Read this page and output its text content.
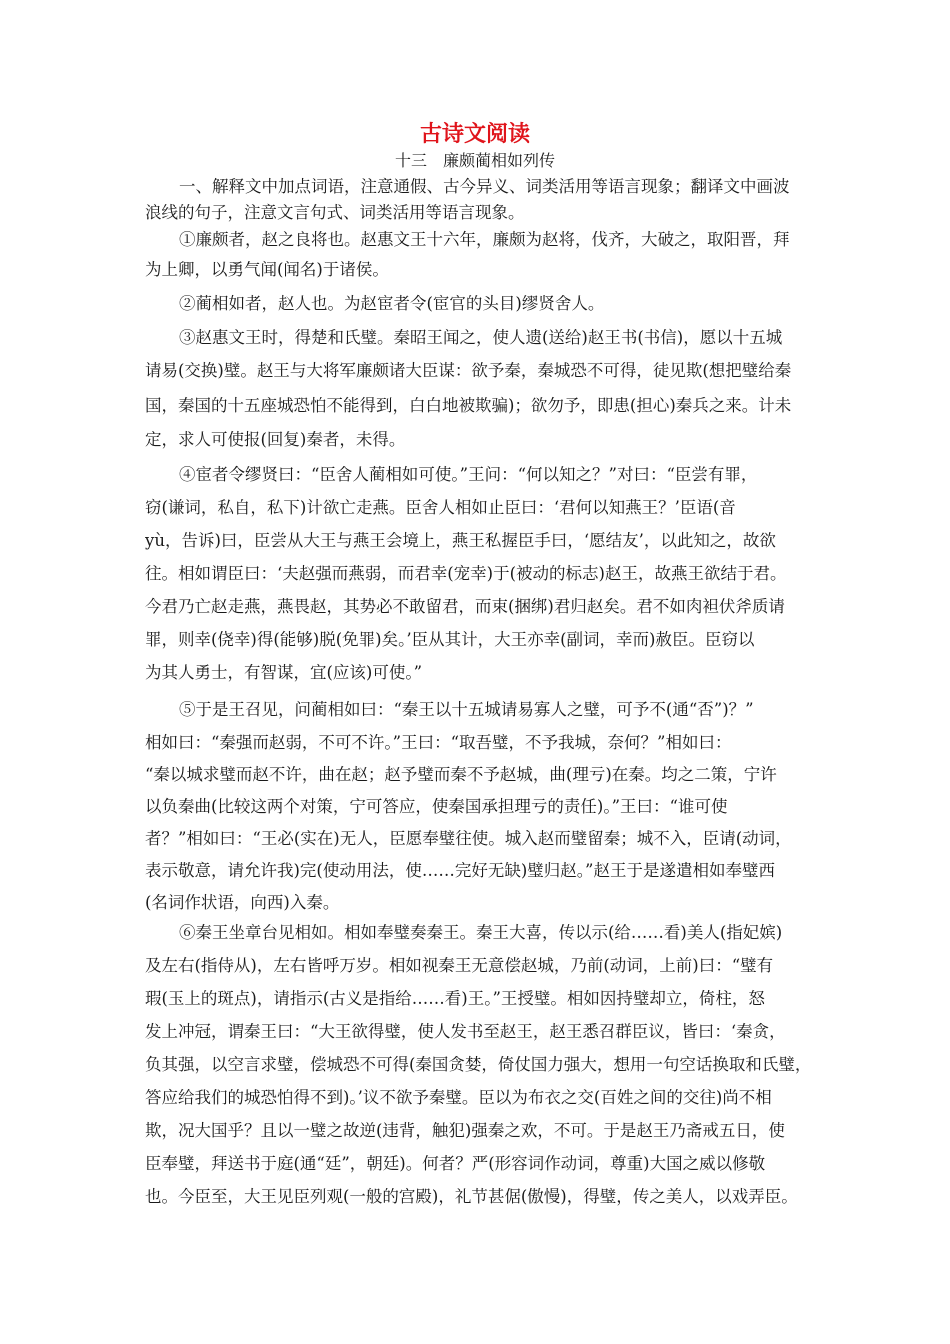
古诗文阅读
十三　廉颇蔺相如列传
一、解释文中加点词语，注意通假、古今异义、词类活用等语言现象；翻译文中画波
浪线的句子，注意文言句式、词类活用等语言现象。
①廉颇者，赵之良将也。赵惠文王十六年，廉颇为赵将，伐齐，大破之，取阳晋，拜
为上卿，以勇气闻(闻名)于诸侯。
②蔺相如者，赵人也。为赵宦者令(宦官的头目)缪贤舍人。
③赵惠文王时，得楚和氏璧。秦昭王闻之，使人遗(送给)赵王书(书信)，愿以十五城
请易(交换)璧。赵王与大将军廉颇诸大臣谋：欲予秦，秦城恐不可得，徒见欺(想把璧给秦
国，秦国的十五座城恐怕不能得到，白白地被欺骗)；欲勿予，即患(担心)秦兵之来。计未
定，求人可使报(回复)秦者，未得。
④宦者令缪贤曰：“臣舍人蔺相如可使。”王问：“何以知之？”对曰：“臣尝有罪，
窃(谦词，私自，私下)计欲亡走燕。臣舍人相如止臣曰：‘君何以知燕王？’臣语(音
yù，告诉)曰，臣尝从大王与燕王会境上，燕王私握臣手曰，‘愿结友’，以此知之，故欲
往。相如谓臣曰：‘夫赵强而燕弱，而君幸(宠幸)于(被动的标志)赵王，故燕王欲结于君。
今君乃亡赵走燕，燕畏赵，其势必不敢留君，而束(捆绑)君归赵矣。君不如肉袒伏斧质请
罪，则幸(侥幸)得(能够)脱(免罪)矣。’臣从其计，大王亦幸(副词，幸而)赦臣。臣窃以
为其人勇士，有智谋，宜(应该)可使。”
⑤于是王召见，问蔺相如曰：“秦王以十五城请易寡人之璧，可予不(通“否”)？”
相如曰：“秦强而赵弱，不可不许。”王曰：“取吾璧，不予我城，奈何？”相如曰：
“秦以城求璧而赵不许，曲在赵；赵予璧而秦不予赵城，曲(理亏)在秦。均之二策，宁许
以负秦曲(比较这两个对策，宁可答应，使秦国承担理亏的责任)。”王曰：“谁可使
者？”相如曰：“王必(实在)无人，臣愿奉璧往使。城入赵而璧留秦；城不入，臣请(动词，
表示敬意，请允许我)完(使动用法，使……完好无缺)璧归赵。”赵王于是遂遣相如奉璧西
(名词作状语，向西)入秦。
⑥秦王坐章台见相如。相如奉璧奏秦王。秦王大喜，传以示(给……看)美人(指妃嫔)
及左右(指侍从)，左右皆呼万岁。相如视秦王无意偿赵城，乃前(动词，上前)曰：“璧有
瑕(玉上的斑点)，请指示(古义是指给……看)王。”王授璧。相如因持璧却立，倚柱，怒
发上冲冠，谓秦王曰：“大王欲得璧，使人发书至赵王，赵王悉召群臣议，皆曰：‘秦贪，
负其强，以空言求璧，偿城恐不可得(秦国贪婪，倚仗国力强大，想用一句空话换取和氏璧，
答应给我们的城恐怕得不到)。’议不欲予秦璧。臣以为布衣之交(百姓之间的交往)尚不相
欺，况大国乎？且以一璧之故逆(违背，触犯)强秦之欢，不可。于是赵王乃斋戒五日，使
臣奉璧，拜送书于庭(通“廷”，朝廷)。何者？严(形容词作动词，尊重)大国之威以修敬
也。今臣至，大王见臣列观(一般的宫殿)，礼节甚倨(傲慢)，得璧，传之美人，以戏弄臣。
